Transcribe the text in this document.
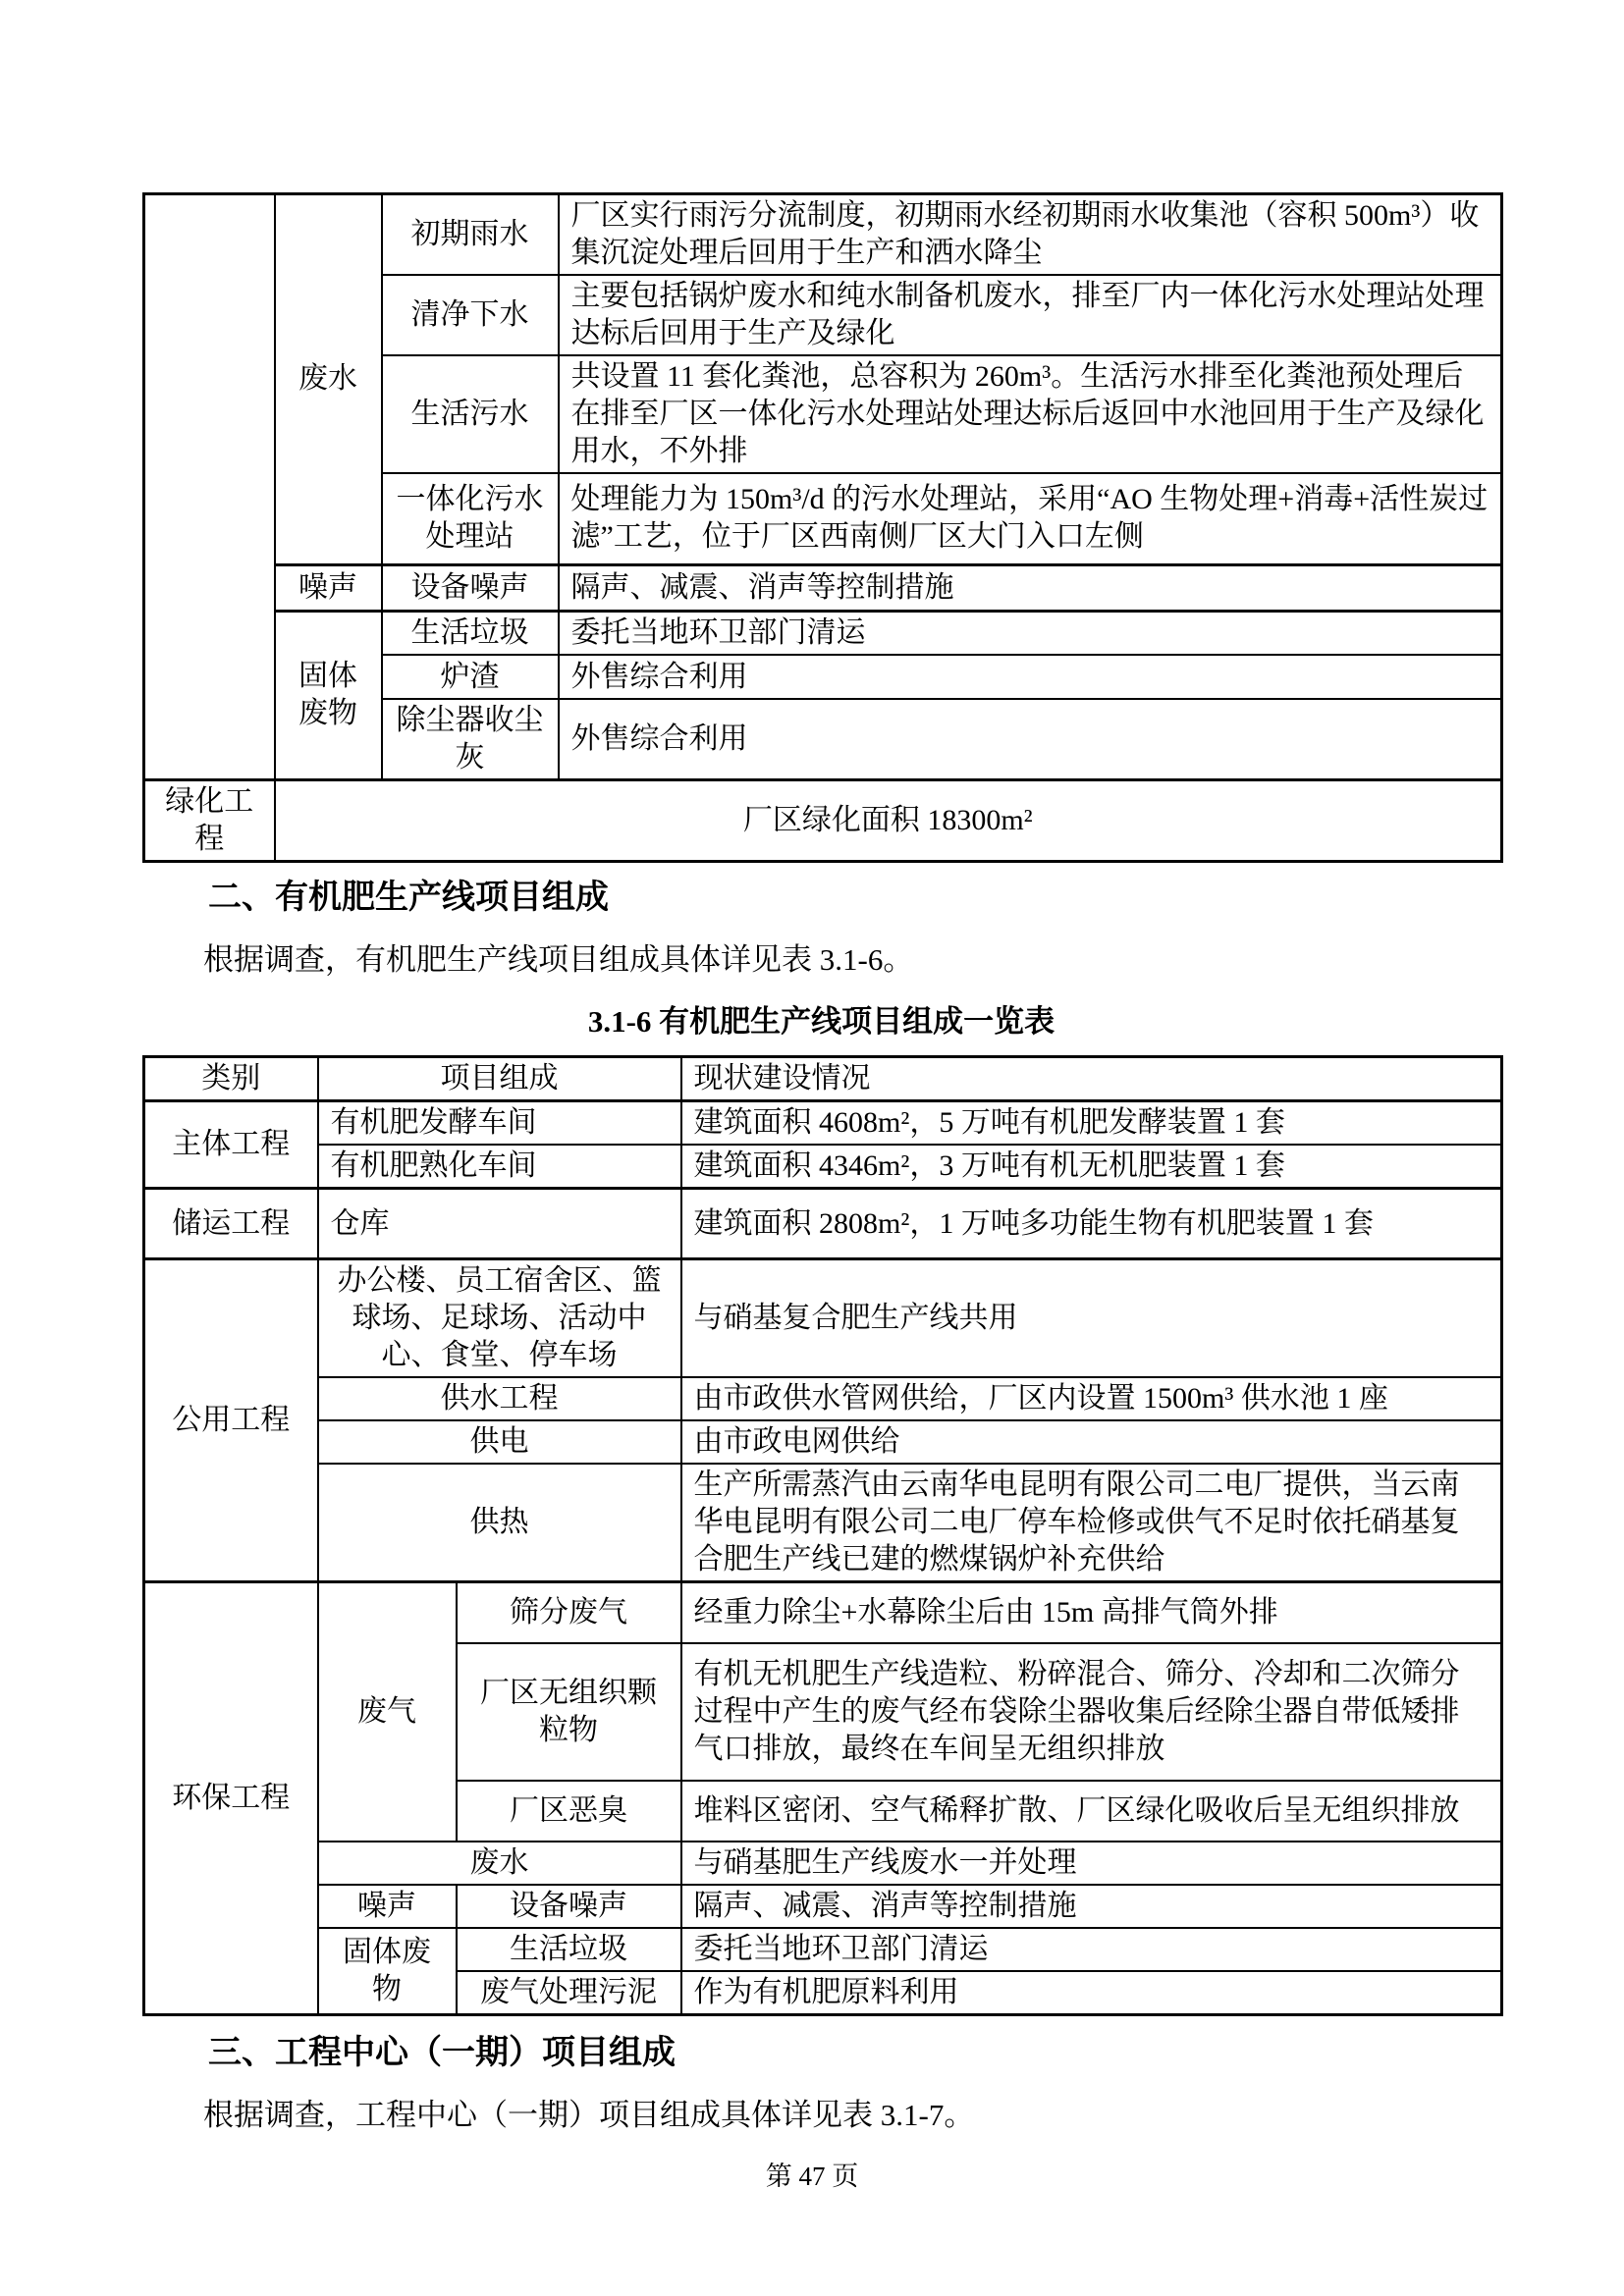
	废水	初期雨水	厂区实行雨污分流制度，初期雨水经初期雨水收集池（容积 500m³）收集沉淀处理后回用于生产和洒水降尘
		清净下水	主要包括锅炉废水和纯水制备机废水，排至厂内一体化污水处理站处理达标后回用于生产及绿化
		生活污水	共设置 11 套化粪池，总容积为 260m³。生活污水排至化粪池预处理后在排至厂区一体化污水处理站处理达标后返回中水池回用于生产及绿化用水，不外排
		一体化污水处理站	处理能力为 150m³/d 的污水处理站，采用“AO 生物处理+消毒+活性炭过滤”工艺，位于厂区西南侧厂区大门入口左侧
	噪声	设备噪声	隔声、减震、消声等控制措施
	固体废物	生活垃圾	委托当地环卫部门清运
		炉渣	外售综合利用
		除尘器收尘灰	外售综合利用
绿化工程	厂区绿化面积 18300m²		
二、有机肥生产线项目组成

根据调查，有机肥生产线项目组成具体详见表 3.1-6。

3.1-6 有机肥生产线项目组成一览表
类别	项目组成		现状建设情况
主体工程	有机肥发酵车间		建筑面积 4608m²，5 万吨有机肥发酵装置 1 套
	有机肥熟化车间		建筑面积 4346m²，3 万吨有机无机肥装置 1 套
储运工程	仓库		建筑面积 2808m²，1 万吨多功能生物有机肥装置 1 套
公用工程	办公楼、员工宿舍区、篮球场、足球场、活动中心、食堂、停车场		与硝基复合肥生产线共用
	供水工程		由市政供水管网供给，厂区内设置 1500m³ 供水池 1 座
	供电		由市政电网供给
	供热		生产所需蒸汽由云南华电昆明有限公司二电厂提供，当云南华电昆明有限公司二电厂停车检修或供气不足时依托硝基复合肥生产线已建的燃煤锅炉补充供给
环保工程	废气	筛分废气	经重力除尘+水幕除尘后由 15m 高排气筒外排
		厂区无组织颗粒物	有机无机肥生产线造粒、粉碎混合、筛分、冷却和二次筛分过程中产生的废气经布袋除尘器收集后经除尘器自带低矮排气口排放，最终在车间呈无组织排放
		厂区恶臭	堆料区密闭、空气稀释扩散、厂区绿化吸收后呈无组织排放
	废水		与硝基肥生产线废水一并处理
	噪声	设备噪声	隔声、减震、消声等控制措施
	固体废物	生活垃圾	委托当地环卫部门清运
		废气处理污泥	作为有机肥原料利用
三、工程中心（一期）项目组成

根据调查，工程中心（一期）项目组成具体详见表 3.1-7。

第 47 页
